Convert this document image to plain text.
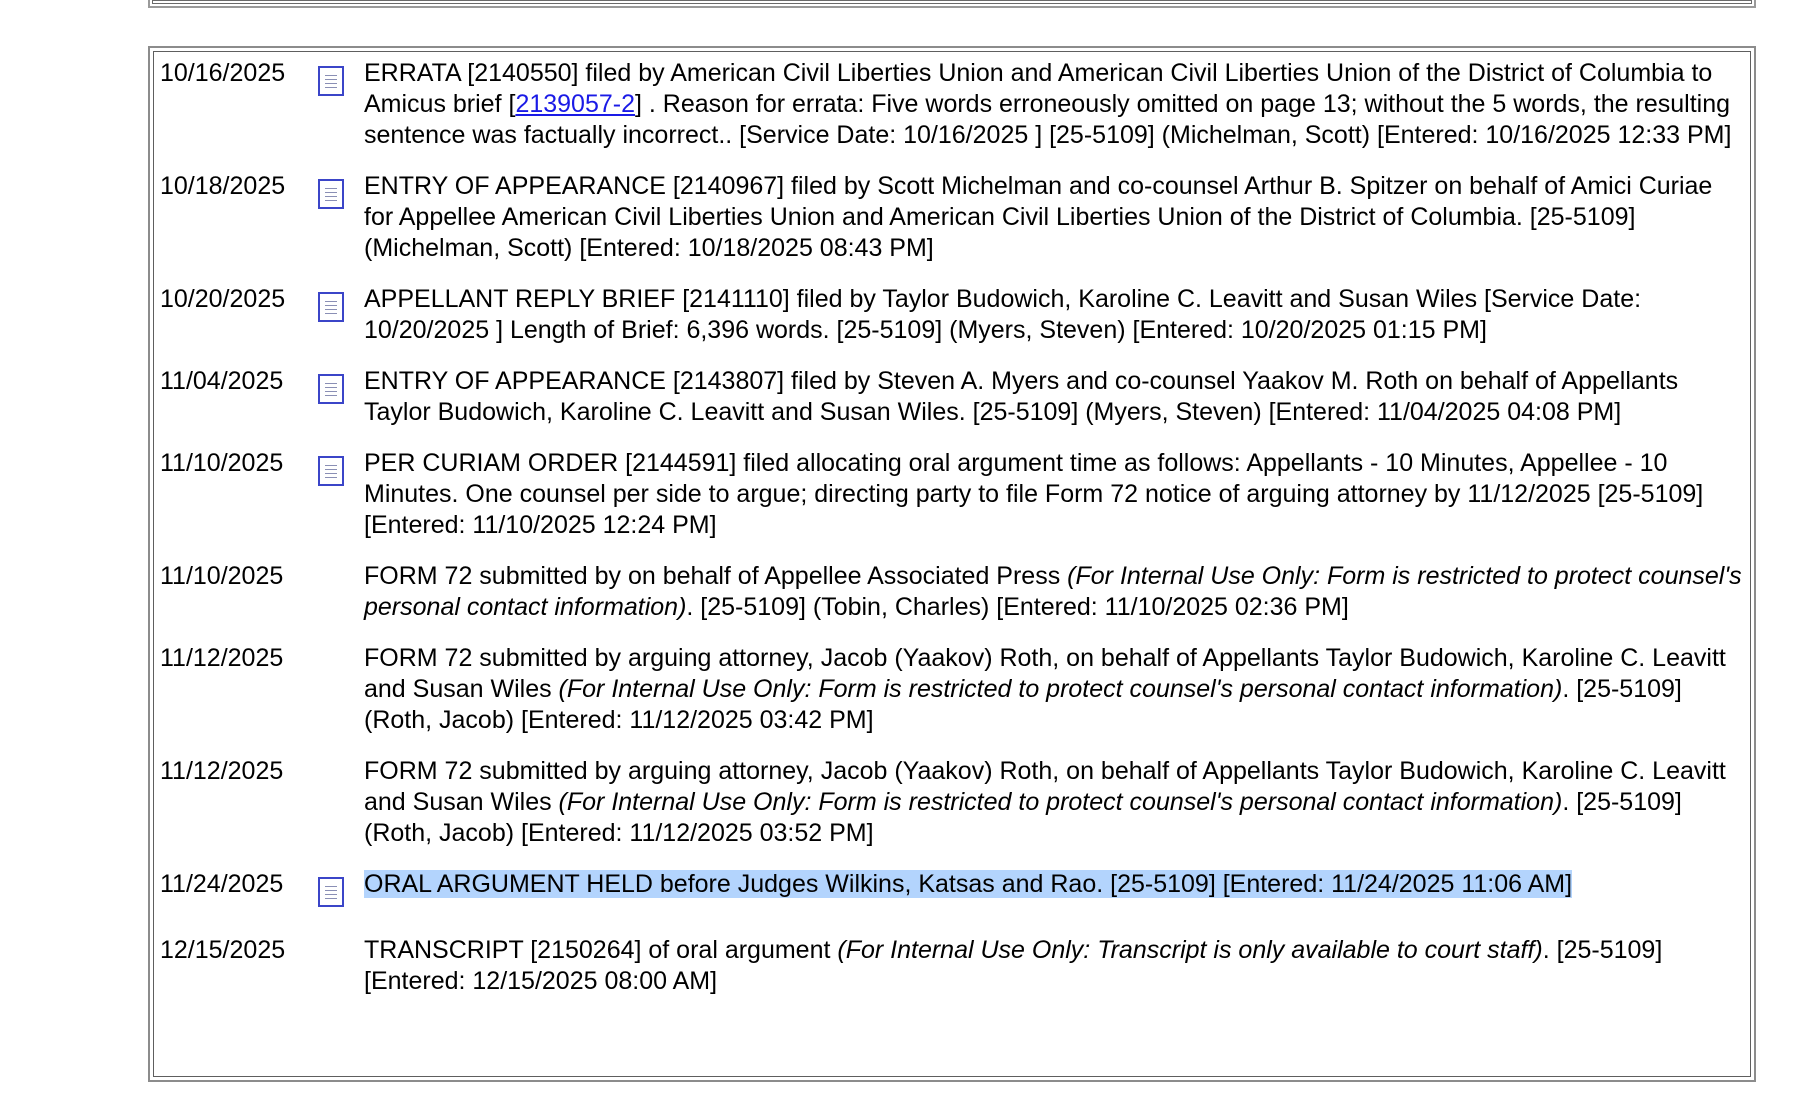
10/16/2025		ERRATA [2140550] filed by American Civil Liberties Union and American Civil Liberties Union of the District of Columbia to Amicus brief [2139057-2] . Reason for errata: Five words erroneously omitted on page 13; without the 5 words, the resulting sentence was factually incorrect.. [Service Date: 10/16/2025 ] [25-5109] (Michelman, Scott) [Entered: 10/16/2025 12:33 PM]
10/18/2025		ENTRY OF APPEARANCE [2140967] filed by Scott Michelman and co-counsel Arthur B. Spitzer on behalf of Amici Curiae for Appellee American Civil Liberties Union and American Civil Liberties Union of the District of Columbia. [25-5109] (Michelman, Scott) [Entered: 10/18/2025 08:43 PM]
10/20/2025		APPELLANT REPLY BRIEF [2141110] filed by Taylor Budowich, Karoline C. Leavitt and Susan Wiles [Service Date: 10/20/2025 ] Length of Brief: 6,396 words. [25-5109] (Myers, Steven) [Entered: 10/20/2025 01:15 PM]
11/04/2025		ENTRY OF APPEARANCE [2143807] filed by Steven A. Myers and co-counsel Yaakov M. Roth on behalf of Appellants Taylor Budowich, Karoline C. Leavitt and Susan Wiles. [25-5109] (Myers, Steven) [Entered: 11/04/2025 04:08 PM]
11/10/2025		PER CURIAM ORDER [2144591] filed allocating oral argument time as follows: Appellants - 10 Minutes, Appellee - 10 Minutes. One counsel per side to argue; directing party to file Form 72 notice of arguing attorney by 11/12/2025 [25-5109] [Entered: 11/10/2025 12:24 PM]
11/10/2025		FORM 72 submitted by on behalf of Appellee Associated Press (For Internal Use Only: Form is restricted to protect counsel's personal contact information). [25-5109] (Tobin, Charles) [Entered: 11/10/2025 02:36 PM]
11/12/2025		FORM 72 submitted by arguing attorney, Jacob (Yaakov) Roth, on behalf of Appellants Taylor Budowich, Karoline C. Leavitt and Susan Wiles (For Internal Use Only: Form is restricted to protect counsel's personal contact information). [25-5109] (Roth, Jacob) [Entered: 11/12/2025 03:42 PM]
11/12/2025		FORM 72 submitted by arguing attorney, Jacob (Yaakov) Roth, on behalf of Appellants Taylor Budowich, Karoline C. Leavitt and Susan Wiles (For Internal Use Only: Form is restricted to protect counsel's personal contact information). [25-5109] (Roth, Jacob) [Entered: 11/12/2025 03:52 PM]
11/24/2025		ORAL ARGUMENT HELD before Judges Wilkins, Katsas and Rao. [25-5109] [Entered: 11/24/2025 11:06 AM]
12/15/2025		TRANSCRIPT [2150264] of oral argument (For Internal Use Only: Transcript is only available to court staff). [25-5109] [Entered: 12/15/2025 08:00 AM]
